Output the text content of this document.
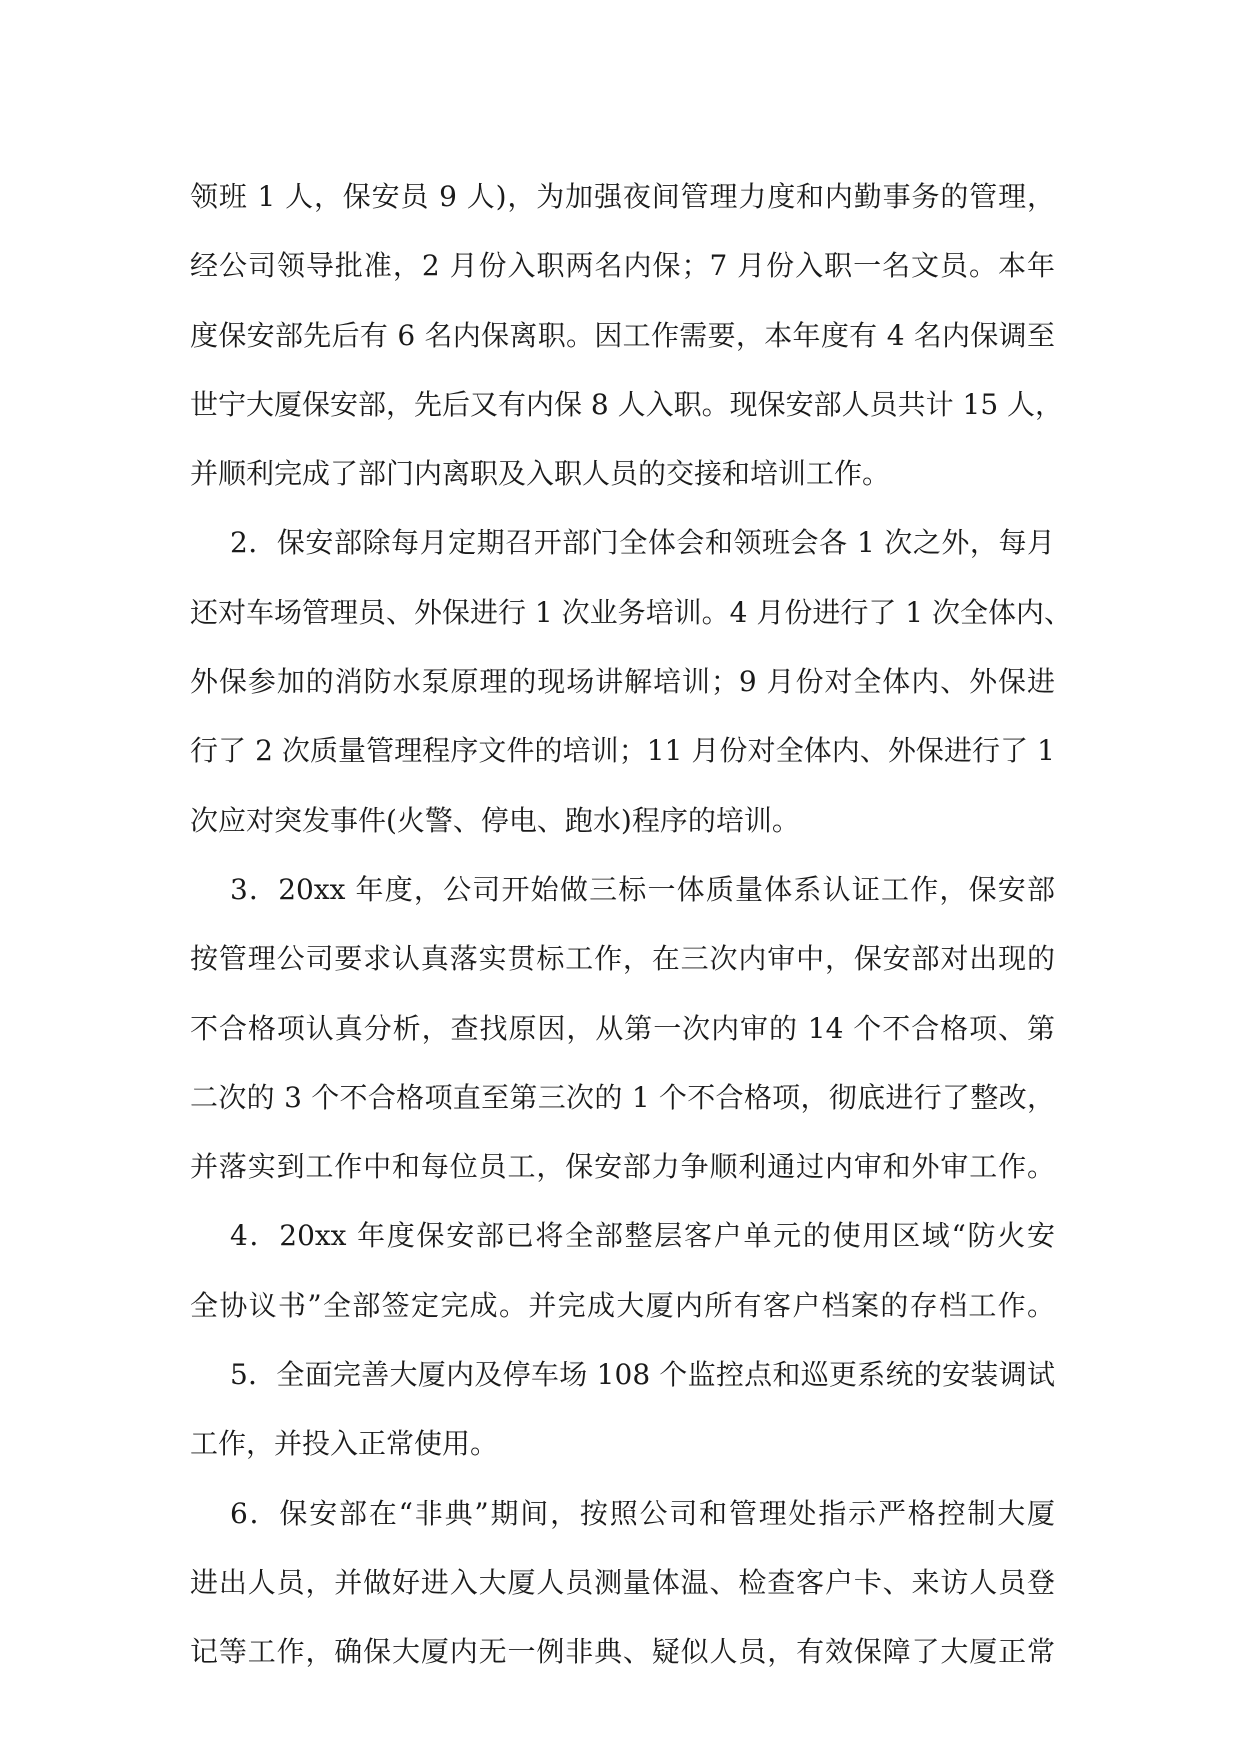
领班 1 人，保安员 9 人)，为加强夜间管理力度和内勤事务的管理，
经公司领导批准，2 月份入职两名内保；7 月份入职一名文员。本年
度保安部先后有 6 名内保离职。因工作需要，本年度有 4 名内保调至
世宁大厦保安部，先后又有内保 8 人入职。现保安部人员共计 15 人，
并顺利完成了部门内离职及入职人员的交接和培训工作。
2．保安部除每月定期召开部门全体会和领班会各 1 次之外，每月
还对车场管理员、外保进行 1 次业务培训。4 月份进行了 1 次全体内、
外保参加的消防水泵原理的现场讲解培训；9 月份对全体内、外保进
行了 2 次质量管理程序文件的培训；11 月份对全体内、外保进行了 1
次应对突发事件(火警、停电、跑水)程序的培训。
3．20xx 年度，公司开始做三标一体质量体系认证工作，保安部
按管理公司要求认真落实贯标工作，在三次内审中，保安部对出现的
不合格项认真分析，查找原因，从第一次内审的 14 个不合格项、第
二次的 3 个不合格项直至第三次的 1 个不合格项，彻底进行了整改，
并落实到工作中和每位员工，保安部力争顺利通过内审和外审工作。
4．20xx 年度保安部已将全部整层客户单元的使用区域“防火安
全协议书”全部签定完成。并完成大厦内所有客户档案的存档工作。
5．全面完善大厦内及停车场 108 个监控点和巡更系统的安装调试
工作，并投入正常使用。
6．保安部在“非典”期间，按照公司和管理处指示严格控制大厦
进出人员，并做好进入大厦人员测量体温、检查客户卡、来访人员登
记等工作，确保大厦内无一例非典、疑似人员，有效保障了大厦正常
